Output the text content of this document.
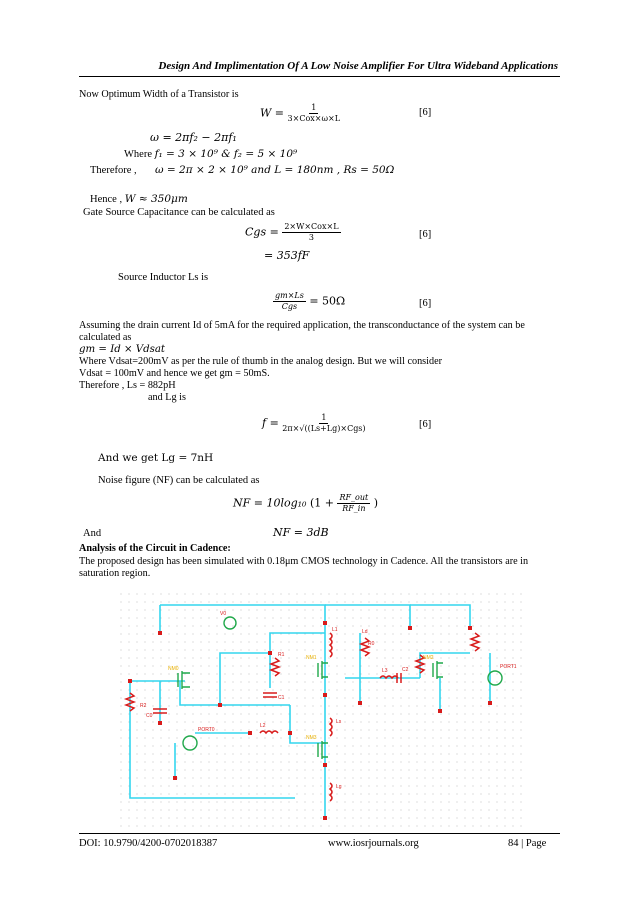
Design And Implimentation Of A Low Noise Amplifier For Ultra Wideband Applications
Now Optimum Width of a Transistor is
$W = \frac{1}{\text{3×Cox×ω×L}}$	[6]
ω = 2πf₂ − 2πf₁
Where f₁ = 3 × 10⁹ & f₂ = 5 × 10⁹
Therefore , ω = 2π × 2 × 10⁹ and L = 180nm , Rs = 50Ω
Hence , W ≈ 350μm
Gate Source Capacitance can be calculated as
Cgs = $\frac{\text{2×W×Cox×L}}{3}$	[6]
= 353fF
Source Inductor Ls is
$\frac{gm\times Ls}{\text{Cgs}} = 50\Omega$	[6]
Assuming the drain current Id of 5mA for the required application, the transconductance of the system can be
calculated as
gm = Id × Vdsat
Where Vdsat=200mV as per the rule of thumb in the analog design. But we will consider
Vdsat = 100mV and hence we get gm = 50mS.
Therefore , Ls = 882pH
and Lg is
$f = \frac{1}{\text{2π×√((Ls+Lg)×Cgs)}}$	[6]
And we get Lg = 7nH
Noise figure (NF) can be calculated as
NF = 10log₁₀ ($1 + \frac{\text{RF\_out}}{RF\_in}$ )
And	NF = 3dB
Analysis of the Circuit in Cadence:
The proposed design has been simulated with 0.18μm CMOS technology in Cadence. All the transistors are in
saturation region.
PORT1
PORT0
L1
Lg
Ls
Ld
NM0
NM1	NM2
NM3
V0
R2
R1
R0
C0
C1
C2
L2
L3
DOI: 10.9790/4200-0702018387	www.iosrjournals.org	84 | Page
